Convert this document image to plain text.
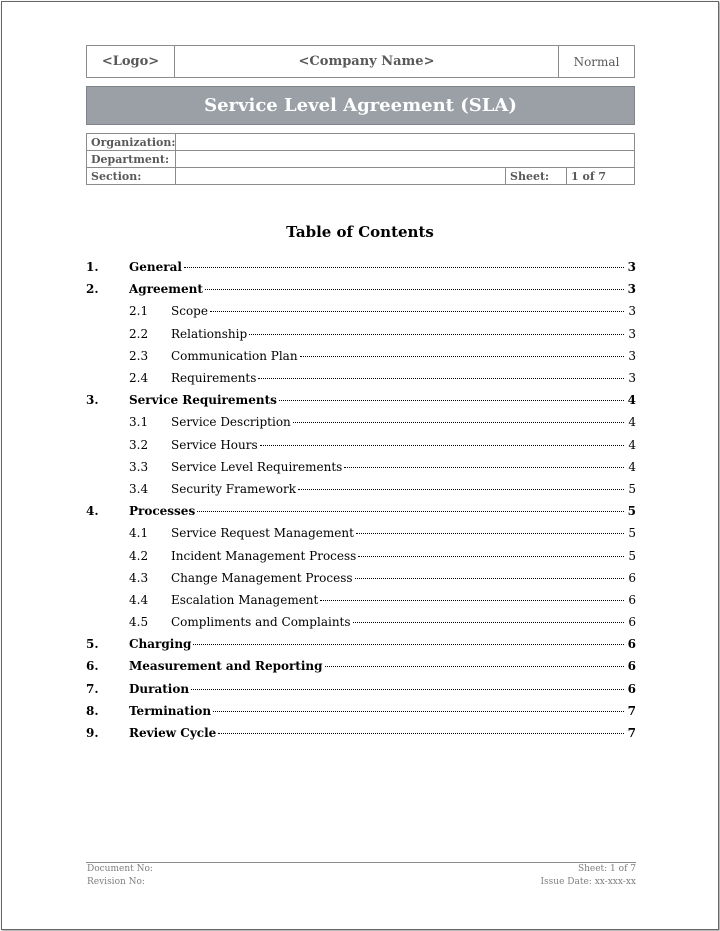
<Logo>	<Company Name>	Normal
Service Level Agreement (SLA)
Organization:			
Department:			
Section:		Sheet:	1 of 7
Table of Contents
1.	General	3
2.	Agreement	3
2.1	Scope	3
2.2	Relationship	3
2.3	Communication Plan	3
2.4	Requirements	3
3.	Service Requirements	4
3.1	Service Description	4
3.2	Service Hours	4
3.3	Service Level Requirements	4
3.4	Security Framework	5
4.	Processes	5
4.1	Service Request Management	5
4.2	Incident Management Process	5
4.3	Change Management Process	6
4.4	Escalation Management	6
4.5	Compliments and Complaints	6
5.	Charging	6
6.	Measurement and Reporting	6
7.	Duration	6
8.	Termination	7
9.	Review Cycle	7
Document No:
Revision No:
Sheet: 1 of 7
Issue Date: xx-xxx-xx
